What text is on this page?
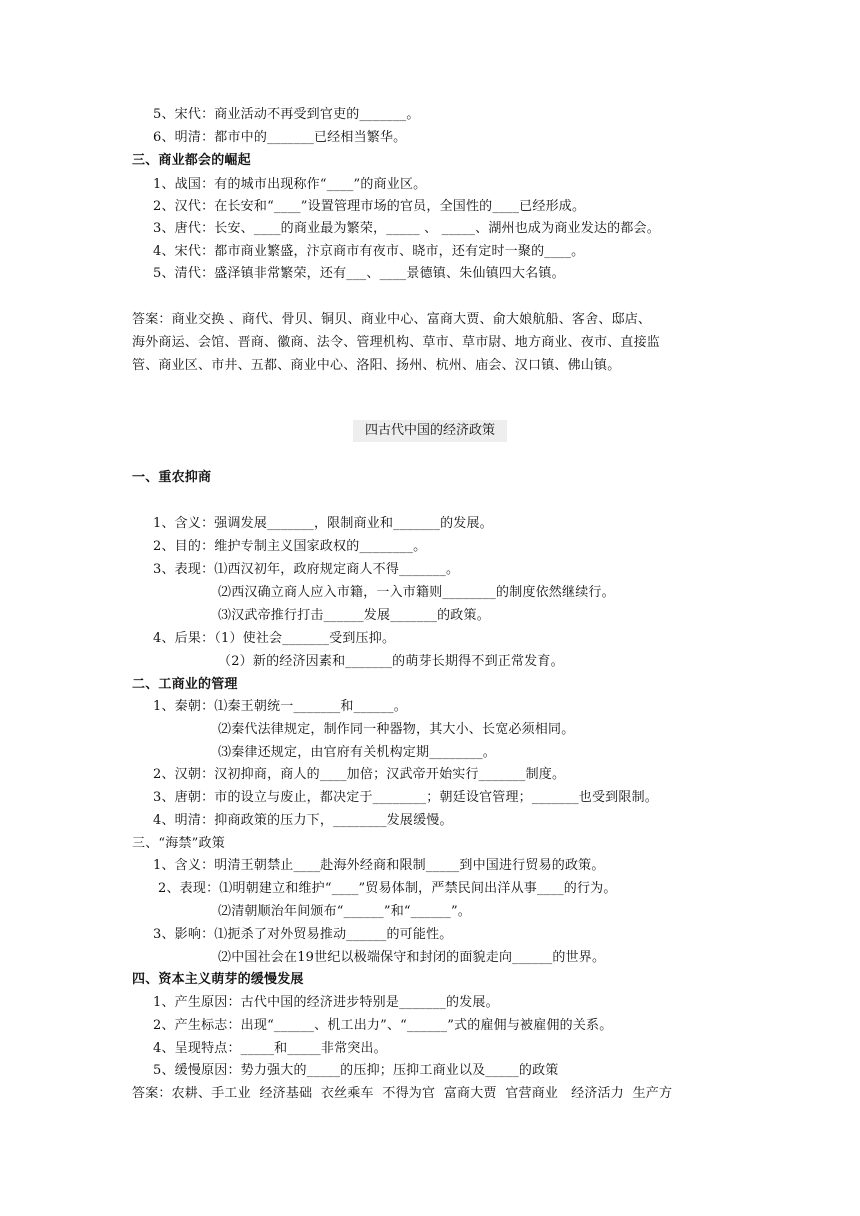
5、宋代：商业活动不再受到官吏的_______。
6、明清：都市中的_______已经相当繁华。
三、商业都会的崛起
1、战国：有的城市出现称作“____”的商业区。
2、汉代：在长安和“____”设置管理市场的官员，全国性的____已经形成。
3、唐代：长安、____的商业最为繁荣，_____ 、 _____、湖州也成为商业发达的都会。
4、宋代：都市商业繁盛，汴京商市有夜市、晓市，还有定时一聚的____。
5、清代：盛泽镇非常繁荣，还有___、____景德镇、朱仙镇四大名镇。
答案：商业交换 、商代、骨贝、铜贝、商业中心、富商大贾、俞大娘航船、客舍、邸店、
海外商运、会馆、晋商、徽商、法令、管理机构、草市、草市尉、地方商业、夜市、直接监
管、商业区、市井、五都、商业中心、洛阳、扬州、杭州、庙会、汉口镇、佛山镇。
四古代中国的经济政策
一、重农抑商
1、含义：强调发展_______，限制商业和_______的发展。
2、目的：维护专制主义国家政权的________。
3、表现：⑴西汉初年，政府规定商人不得_______。
⑵西汉确立商人应入市籍，一入市籍则________的制度依然继续行。
⑶汉武帝推行打击______发展_______的政策。
4、后果：（1）使社会_______受到压抑。
（2）新的经济因素和_______的萌芽长期得不到正常发育。
二、工商业的管理
1、秦朝：⑴秦王朝统一_______和______。
⑵秦代法律规定，制作同一种器物，其大小、长宽必须相同。
⑶秦律还规定，由官府有关机构定期________。
2、汉朝：汉初抑商，商人的____加倍；汉武帝开始实行_______制度。
3、唐朝：市的设立与废止，都决定于________；朝廷设官管理；_______也受到限制。
4、明清：抑商政策的压力下，________发展缓慢。
三、“海禁”政策
1、含义：明清王朝禁止____赴海外经商和限制_____到中国进行贸易的政策。
2、表现：⑴明朝建立和维护“____”贸易体制，严禁民间出洋从事____的行为。
⑵清朝顺治年间颁布“______”和“______”。
3、影响：⑴扼杀了对外贸易推动______的可能性。
⑵中国社会在19世纪以极端保守和封闭的面貌走向______的世界。
四、资本主义萌芽的缓慢发展
1、产生原因：古代中国的经济进步特别是_______的发展。
2、产生标志：出现“______、机工出力”、“______”式的雇佣与被雇佣的关系。
4、呈现特点：_____和_____非常突出。
5、缓慢原因：势力强大的_____的压抑；压抑工商业以及_____的政策
答案：农耕、手工业  经济基础  衣丝乘车  不得为官  富商大贾  官营商业   经济活力  生产方
